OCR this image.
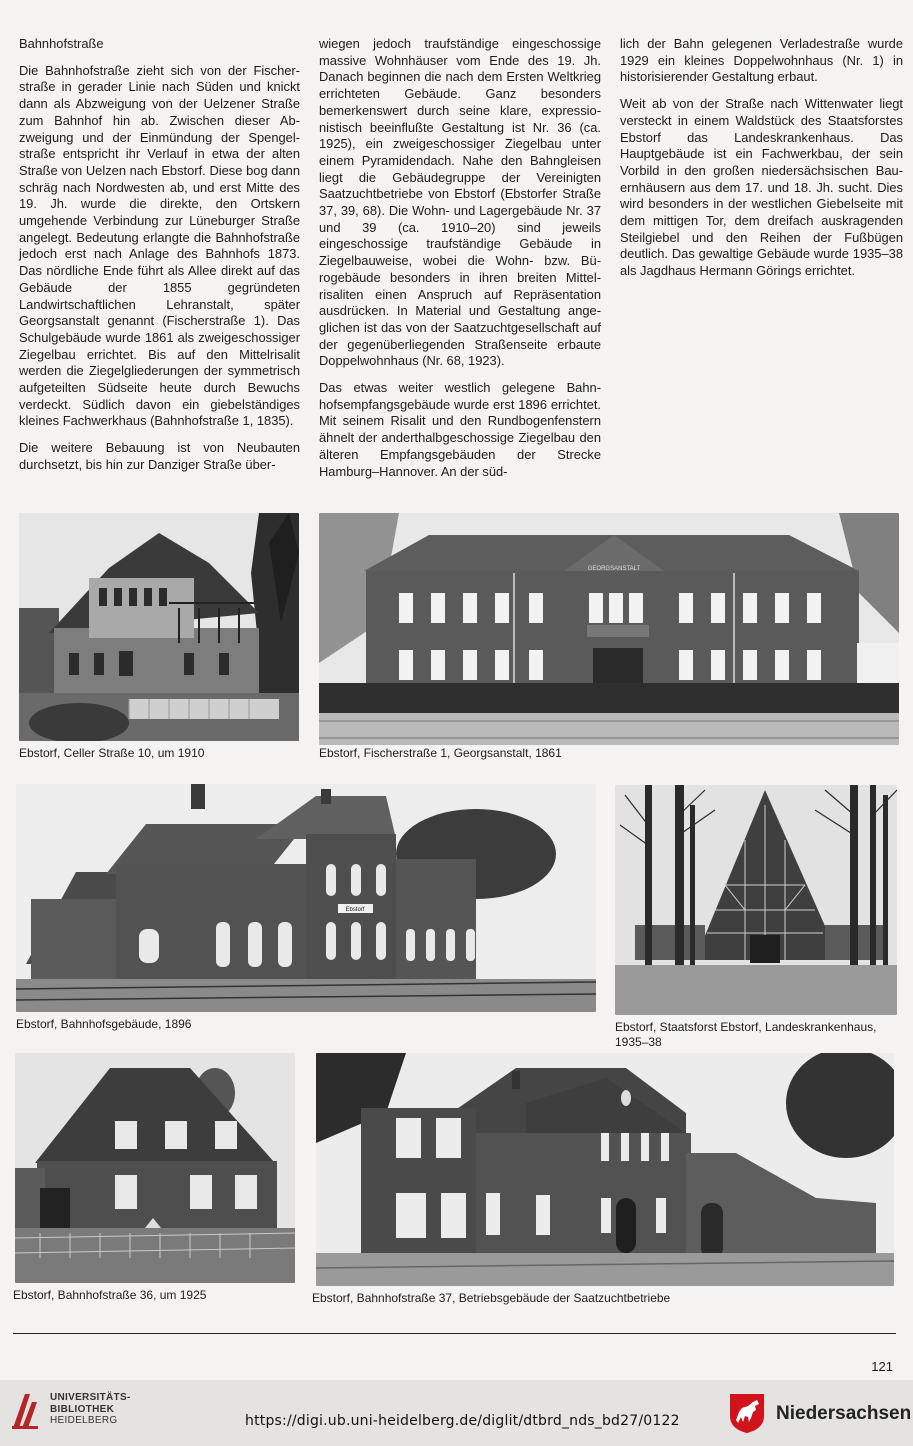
Bahnhofstraße

Die Bahnhofstraße zieht sich von der Fischerstraße in gerader Linie nach Süden und knickt dann als Abzweigung von der Uelzener Straße zum Bahnhof hin ab. Zwischen dieser Abzweigung und der Einmündung der Spengelstraße entspricht ihr Verlauf in etwa der alten Straße von Uelzen nach Ebstorf. Diese bog dann schräg nach Nordwesten ab, und erst Mitte des 19. Jh. wurde die direkte, den Ortskern umgehende Verbindung zur Lüneburger Straße angelegt. Bedeutung erlangte die Bahnhofstraße jedoch erst nach Anlage des Bahnhofs 1873. Das nördliche Ende führt als Allee direkt auf das Gebäude der 1855 gegründeten Landwirtschaftlichen Lehranstalt, später Georgsanstalt genannt (Fischerstraße 1). Das Schulgebäude wurde 1861 als zweigeschossiger Ziegelbau errichtet. Bis auf den Mittelrisalit werden die Ziegelgliederungen der symmetrisch aufgeteilten Südseite heute durch Bewuchs verdeckt. Südlich davon ein giebelständiges kleines Fachwerkhaus (Bahnhofstraße 1, 1835).

Die weitere Bebauung ist von Neubauten durchsetzt, bis hin zur Danziger Straße über-

wiegen jedoch traufständige eingeschossige massive Wohnhäuser vom Ende des 19. Jh. Danach beginnen die nach dem Ersten Weltkrieg errichteten Gebäude. Ganz besonders bemerkenswert durch seine klare, expressionistisch beeinflußte Gestaltung ist Nr. 36 (ca. 1925), ein zweigeschossiger Ziegelbau unter einem Pyramidendach. Nahe den Bahngleisen liegt die Gebäudegruppe der Vereinigten Saatzuchtbetriebe von Ebstorf (Ebstorfer Straße 37, 39, 68). Die Wohn- und Lagergebäude Nr. 37 und 39 (ca. 1910–20) sind jeweils eingeschossige traufständige Gebäude in Ziegelbauweise, wobei die Wohn- bzw. Bürogebäude besonders in ihren breiten Mittelrisaliten einen Anspruch auf Repräsentation ausdrücken. In Material und Gestaltung angeglichen ist das von der Saatzuchtgesellschaft auf der gegenüberliegenden Straßenseite erbaute Doppelwohnhaus (Nr. 68, 1923).

Das etwas weiter westlich gelegene Bahnhofsempfangsgebäude wurde erst 1896 errichtet. Mit seinem Risalit und den Rundbogenfenstern ähnelt der anderthalbgeschossige Ziegelbau den älteren Empfangsgebäuden der Strecke Hamburg–Hannover. An der süd-

lich der Bahn gelegenen Verladestraße wurde 1929 ein kleines Doppelwohnhaus (Nr. 1) in historisierender Gestaltung erbaut.

Weit ab von der Straße nach Wittenwater liegt versteckt in einem Waldstück des Staatsforstes Ebstorf das Landeskrankenhaus. Das Hauptgebäude ist ein Fachwerkbau, der sein Vorbild in den großen niedersächsischen Bauernhäusern aus dem 17. und 18. Jh. sucht. Dies wird besonders in der westlichen Giebelseite mit dem mittigen Tor, dem dreifach auskragenden Steilgiebel und den Reihen der Fußbügen deutlich. Das gewaltige Gebäude wurde 1935–38 als Jagdhaus Hermann Görings errichtet.

Ebstorf, Celler Straße 10, um 1910
GEORGSANSTALT
Ebstorf, Fischerstraße 1, Georgsanstalt, 1861
Ebstorf
Ebstorf, Bahnhofsgebäude, 1896	Ebstorf, Staatsforst Ebstorf, Landeskrankenhaus, 1935–38
Ebstorf, Bahnhofstraße 36, um 1925	Ebstorf, Bahnhofstraße 37, Betriebsgebäude der Saatzuchtbetriebe
121
UNIVERSITÄTS-
BIBLIOTHEK
HEIDELBERG	https://digi.ub.uni-heidelberg.de/diglit/dtbrd_nds_bd27/0122	Niedersachsen
